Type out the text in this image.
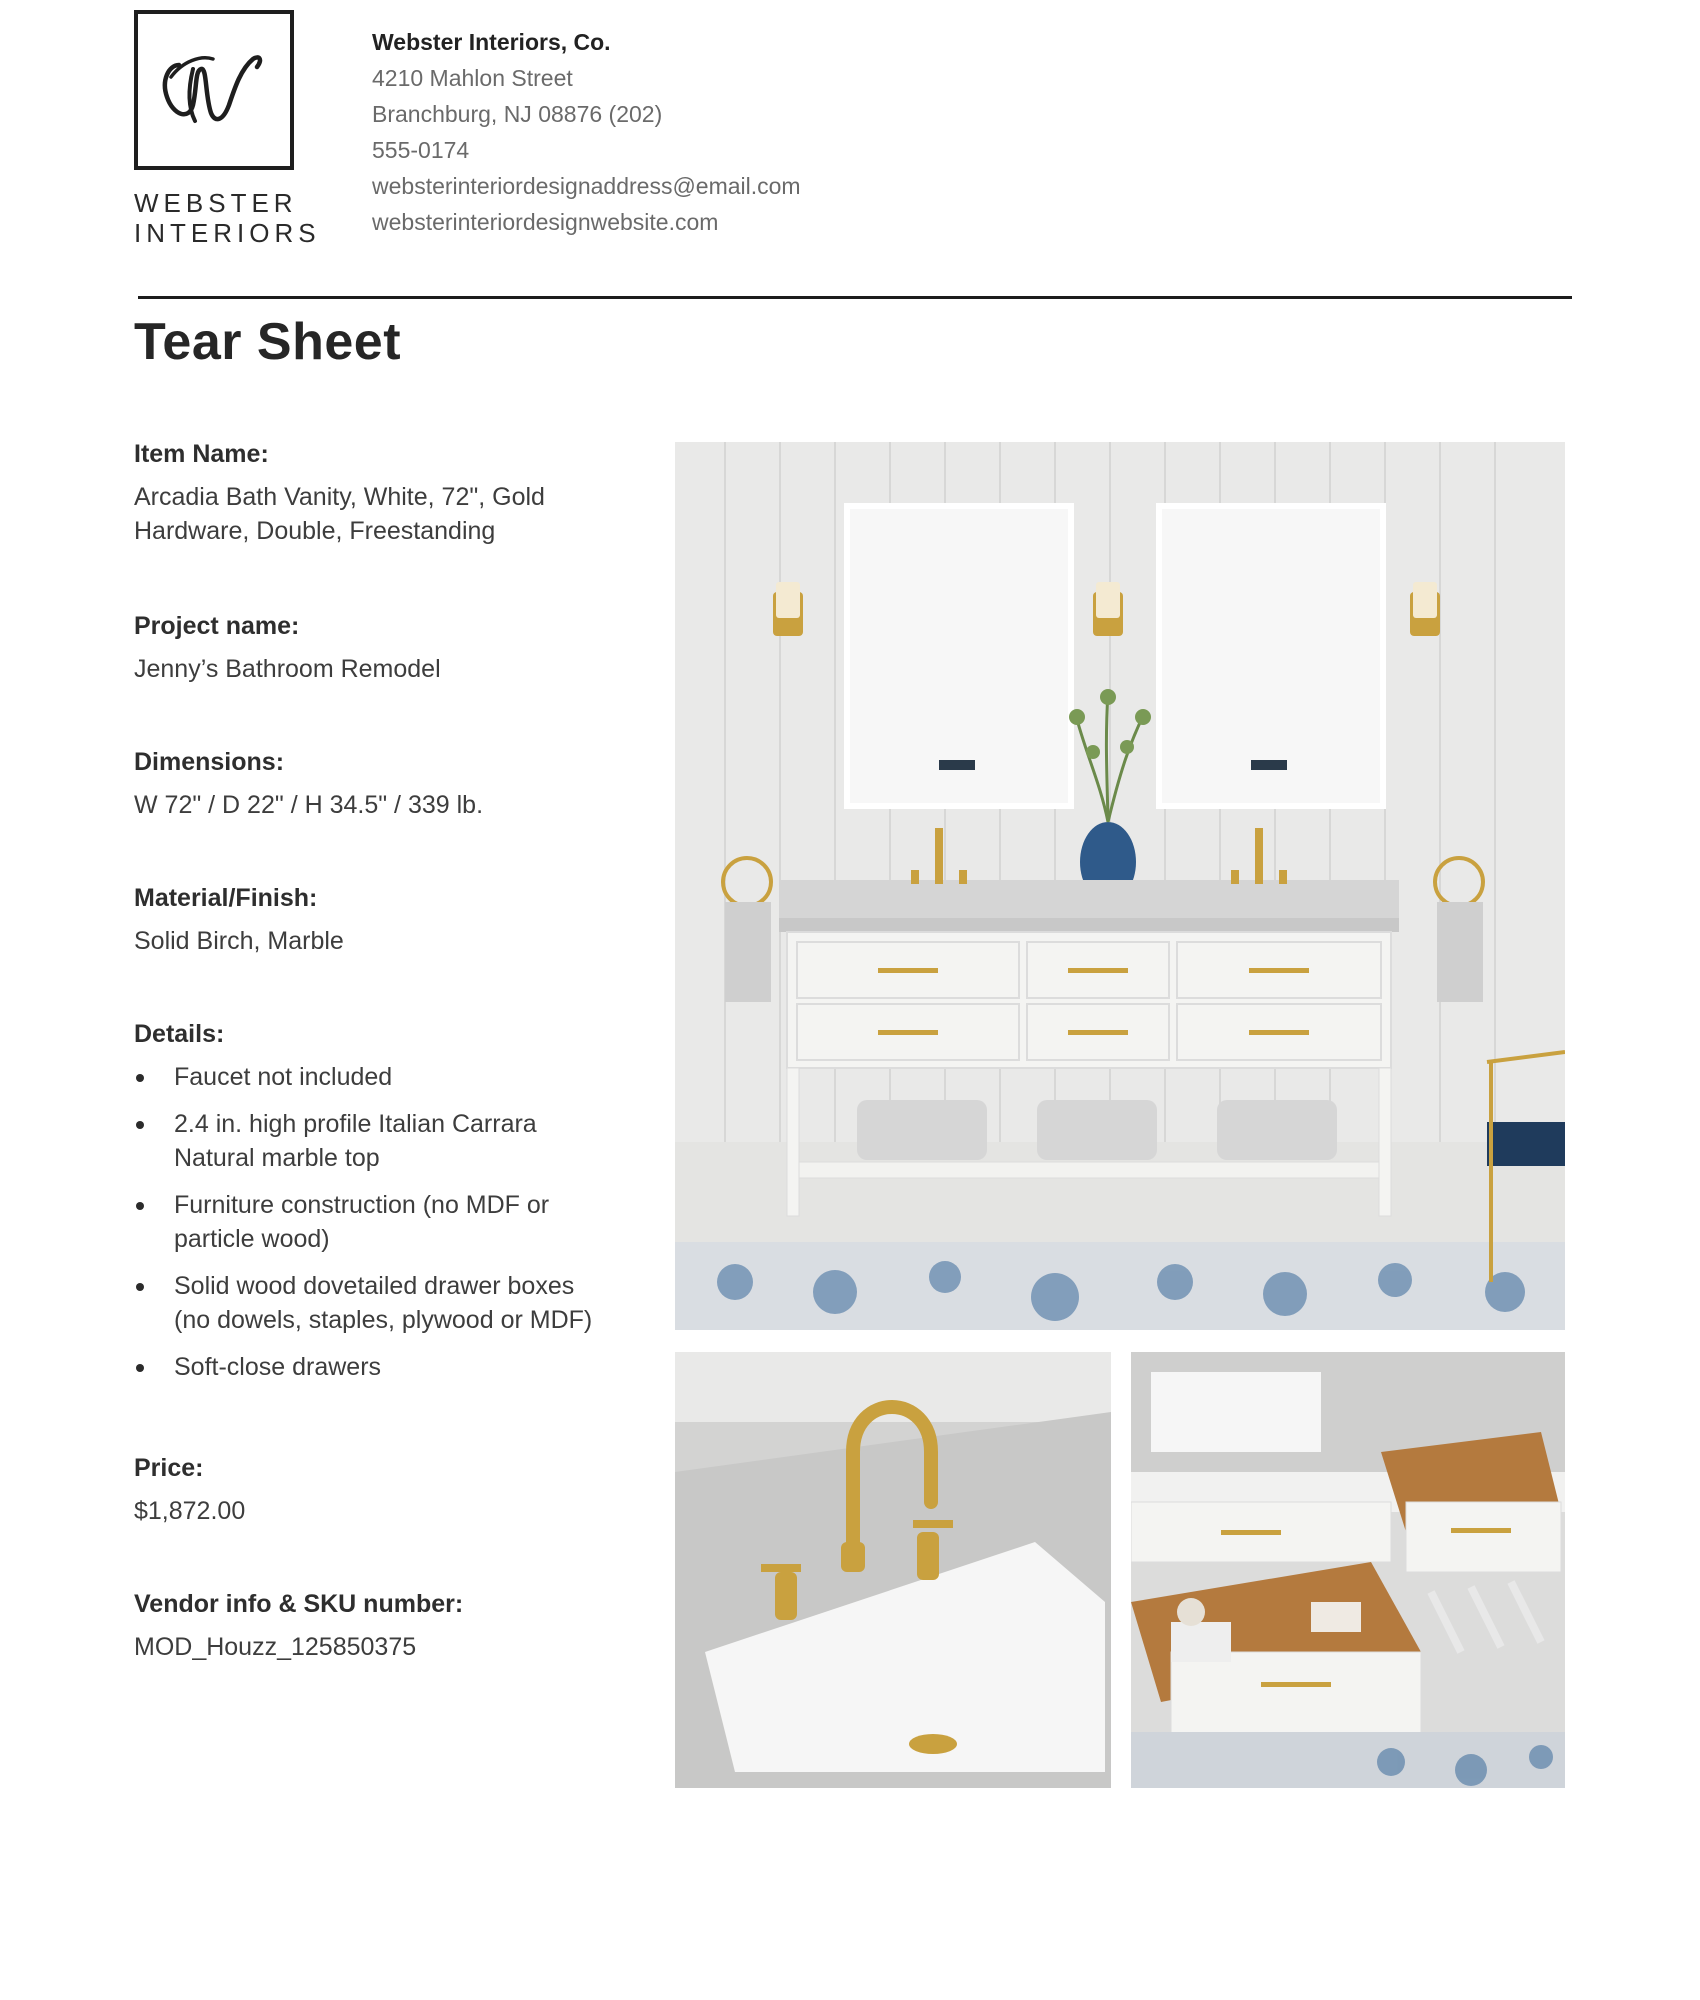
WEBSTER
INTERIORS
Webster Interiors, Co.
4210 Mahlon Street
Branchburg, NJ 08876 (202)
555-0174
websterinteriordesignaddress@email.com
websterinteriordesignwebsite.com
Tear Sheet

Item Name:

Arcadia Bath Vanity, White, 72", Gold
Hardware, Double, Freestanding

Project name:

Jenny’s Bathroom Remodel

Dimensions:

W 72" / D 22" / H 34.5" / 339 lb.

Material/Finish:

Solid Birch, Marble

Details:

Faucet not included
2.4 in. high profile Italian Carrara
Natural marble top
Furniture construction (no MDF or
particle wood)
Solid wood dovetailed drawer boxes
(no dowels, staples, plywood or MDF)
Soft-close drawers

Price:

$1,872.00

Vendor info & SKU number:

MOD_Houzz_125850375
